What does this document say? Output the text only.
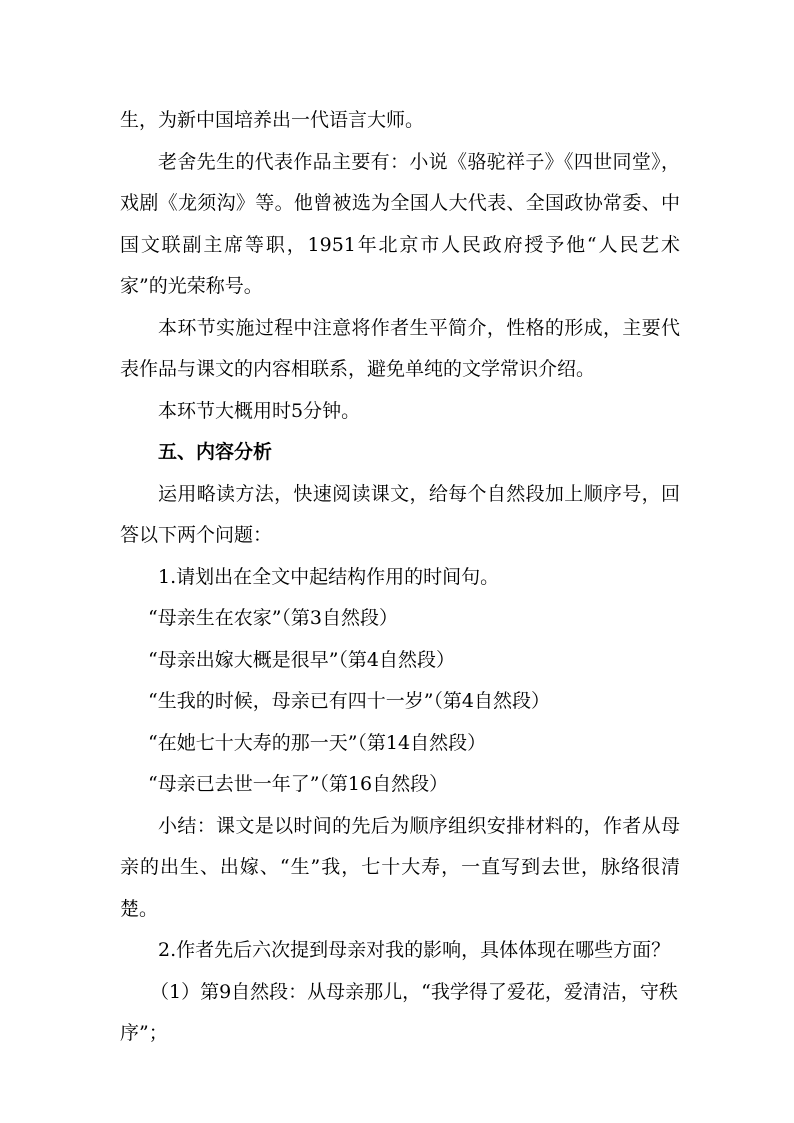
生，为新中国培养出一代语言大师。

老舍先生的代表作品主要有：小说《骆驼祥子》《四世同堂》，戏剧《龙须沟》等。他曾被选为全国人大代表、全国政协常委、中国文联副主席等职，1951年北京市人民政府授予他“人民艺术家”的光荣称号。

本环节实施过程中注意将作者生平简介，性格的形成，主要代表作品与课文的内容相联系，避免单纯的文学常识介绍。

本环节大概用时5分钟。

五、内容分析

运用略读方法，快速阅读课文，给每个自然段加上顺序号，回答以下两个问题：

1.请划出在全文中起结构作用的时间句。

“母亲生在农家”（第3自然段）

“母亲出嫁大概是很早”（第4自然段）

“生我的时候，母亲已有四十一岁”（第4自然段）

“在她七十大寿的那一天”（第14自然段）

“母亲已去世一年了”（第16自然段）

小结：课文是以时间的先后为顺序组织安排材料的，作者从母亲的出生、出嫁、“生”我，七十大寿，一直写到去世，脉络很清楚。

2.作者先后六次提到母亲对我的影响，具体体现在哪些方面？

（1）第9自然段：从母亲那儿，“我学得了爱花，爱清洁，守秩序”；
